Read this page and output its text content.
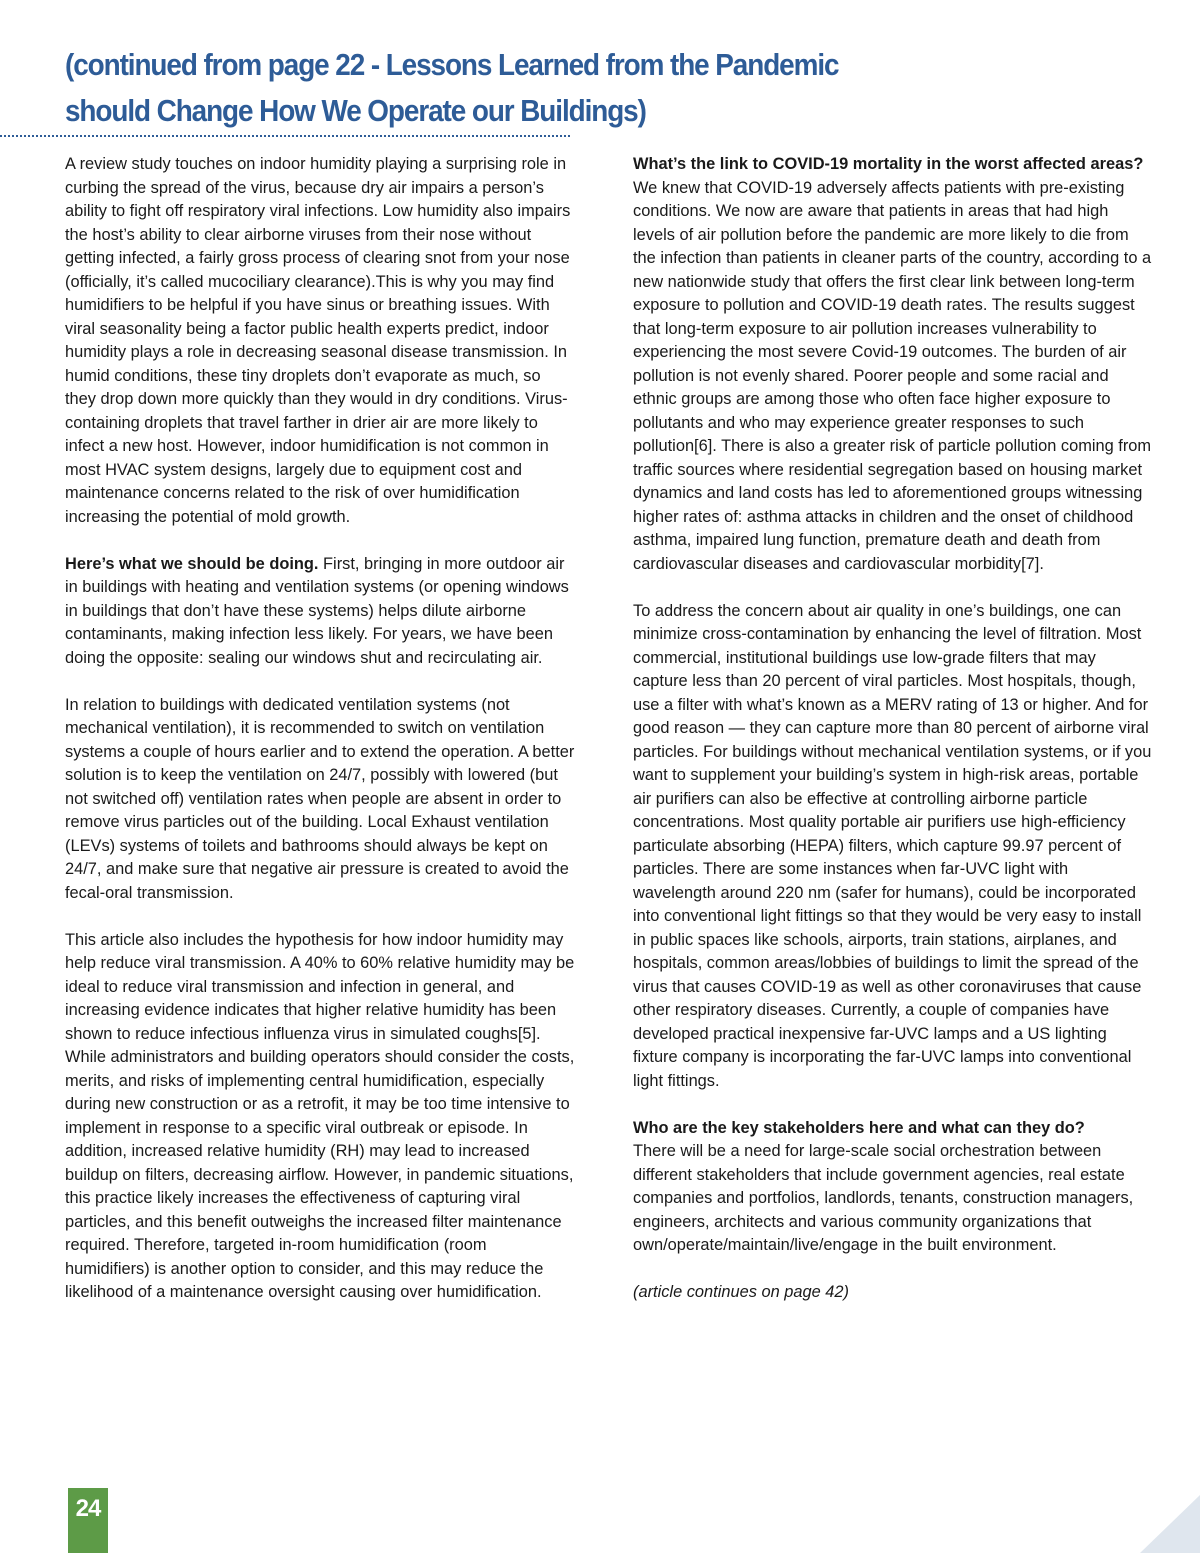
(continued from page 22 - Lessons Learned from the Pandemic should Change How We Operate our Buildings)

A review study touches on indoor humidity playing a surprising role in curbing the spread of the virus, because dry air impairs a person’s ability to fight off respiratory viral infections. Low humidity also impairs the host’s ability to clear airborne viruses from their nose without getting infected, a fairly gross process of clearing snot from your nose (officially, it’s called mucociliary clearance).This is why you may find humidifiers to be helpful if you have sinus or breathing issues. With viral seasonality being a factor public health experts predict, indoor humidity plays a role in decreasing seasonal disease transmission. In humid conditions, these tiny droplets don’t evaporate as much, so they drop down more quickly than they would in dry conditions. Virus-containing droplets that travel farther in drier air are more likely to infect a new host. However, indoor humidification is not common in most HVAC system designs, largely due to equipment cost and maintenance concerns related to the risk of over humidification increasing the potential of mold growth.

Here’s what we should be doing. First, bringing in more outdoor air in buildings with heating and ventilation systems (or opening windows in buildings that don’t have these systems) helps dilute airborne contaminants, making infection less likely. For years, we have been doing the opposite: sealing our windows shut and recirculating air.

In relation to buildings with dedicated ventilation systems (not mechanical ventilation), it is recommended to switch on ventilation systems a couple of hours earlier and to extend the operation. A better solution is to keep the ventilation on 24/7, possibly with lowered (but not switched off) ventilation rates when people are absent in order to remove virus particles out of the building. Local Exhaust ventilation (LEVs) systems of toilets and bathrooms should always be kept on 24/7, and make sure that negative air pressure is created to avoid the fecal-oral transmission.

This article also includes the hypothesis for how indoor humidity may help reduce viral transmission. A 40% to 60% relative humidity may be ideal to reduce viral transmission and infection in general, and increasing evidence indicates that higher relative humidity has been shown to reduce infectious influenza virus in simulated coughs[5]. While administrators and building operators should consider the costs, merits, and risks of implementing central humidification, especially during new construction or as a retrofit, it may be too time intensive to implement in response to a specific viral outbreak or episode. In addition, increased relative humidity (RH) may lead to increased buildup on filters, decreasing airflow. However, in pandemic situations, this practice likely increases the effectiveness of capturing viral particles, and this benefit outweighs the increased filter maintenance required. Therefore, targeted in-room humidification (room humidifiers) is another option to consider, and this may reduce the likelihood of a maintenance oversight causing over humidification.

What’s the link to COVID-19 mortality in the worst affected areas?
We knew that COVID-19 adversely affects patients with pre-existing conditions. We now are aware that patients in areas that had high levels of air pollution before the pandemic are more likely to die from the infection than patients in cleaner parts of the country, according to a new nationwide study that offers the first clear link between long-term exposure to pollution and COVID-19 death rates. The results suggest that long-term exposure to air pollution increases vulnerability to experiencing the most severe Covid-19 outcomes. The burden of air pollution is not evenly shared. Poorer people and some racial and ethnic groups are among those who often face higher exposure to pollutants and who may experience greater responses to such pollution[6]. There is also a greater risk of particle pollution coming from traffic sources where residential segregation based on housing market dynamics and land costs has led to aforementioned groups witnessing higher rates of: asthma attacks in children and the onset of childhood asthma, impaired lung function, premature death and death from cardiovascular diseases and cardiovascular morbidity[7].

To address the concern about air quality in one’s buildings, one can minimize cross-contamination by enhancing the level of filtration. Most commercial, institutional buildings use low-grade filters that may capture less than 20 percent of viral particles. Most hospitals, though, use a filter with what’s known as a MERV rating of 13 or higher. And for good reason — they can capture more than 80 percent of airborne viral particles. For buildings without mechanical ventilation systems, or if you want to supplement your building’s system in high-risk areas, portable air purifiers can also be effective at controlling airborne particle concentrations. Most quality portable air purifiers use high-efficiency particulate absorbing (HEPA) filters, which capture 99.97 percent of particles. There are some instances when far-UVC light with wavelength around 220 nm (safer for humans), could be incorporated into conventional light fittings so that they would be very easy to install in public spaces like schools, airports, train stations, airplanes, and hospitals, common areas/lobbies of buildings to limit the spread of the virus that causes COVID-19 as well as other coronaviruses that cause other respiratory diseases. Currently, a couple of companies have developed practical inexpensive far-UVC lamps and a US lighting fixture company is incorporating the far-UVC lamps into conventional light fittings.

Who are the key stakeholders here and what can they do?
There will be a need for large-scale social orchestration between different stakeholders that include government agencies, real estate companies and portfolios, landlords, tenants, construction managers, engineers, architects and various community organizations that own/operate/maintain/live/engage in the built environment.

(article continues on page 42)

24
